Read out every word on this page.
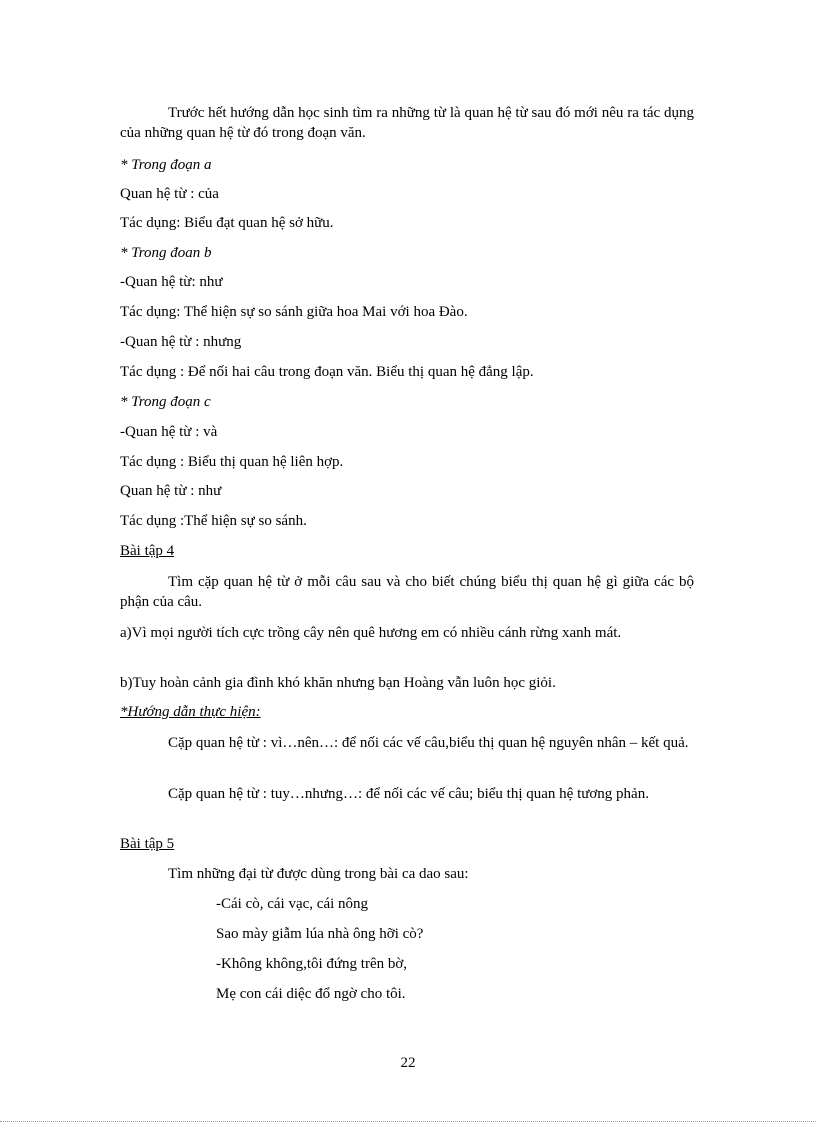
Trước hết hướng dẫn học sinh tìm ra những từ là quan hệ từ sau đó mới nêu ra tác dụng của những quan hệ từ đó trong đoạn văn.
* Trong đoạn a
Quan hệ từ : của
Tác dụng: Biểu đạt quan hệ sở hữu.
* Trong đoan b
-Quan hệ từ: như
Tác dụng: Thể hiện sự so sánh giữa hoa Mai với hoa Đào.
-Quan hệ từ : nhưng
Tác dụng : Để nối hai câu trong đoạn văn. Biểu thị quan hệ đẳng lập.
* Trong đoạn c
-Quan hệ từ : và
Tác dụng : Biểu thị quan hệ liên hợp.
Quan hệ từ : như
Tác dụng :Thể hiện sự so sánh.
Bài tập 4
Tìm cặp quan hệ từ ở mỗi câu sau và cho biết chúng biểu thị quan hệ gì giữa các bộ phận của câu.
a)Vì mọi người tích cực trồng cây nên quê hương em có nhiều cánh rừng xanh mát.
b)Tuy hoàn cảnh gia đình khó khăn nhưng bạn Hoàng vẫn luôn học giỏi.
*Hướng dẫn thực hiện:
Cặp quan hệ từ : vì…nên…: để nối các vế câu,biểu thị quan hệ nguyên nhân – kết quả.
Cặp quan hệ từ : tuy…nhưng…: để nối các vế câu; biểu thị quan hệ tương phản.
Bài tập 5
Tìm những đại từ được dùng trong bài ca dao sau:
-Cái cò, cái vạc, cái nông
Sao mày giẫm lúa nhà ông hỡi cò?
-Không không,tôi đứng trên bờ,
Mẹ con cái diệc đổ ngờ cho tôi.
22
